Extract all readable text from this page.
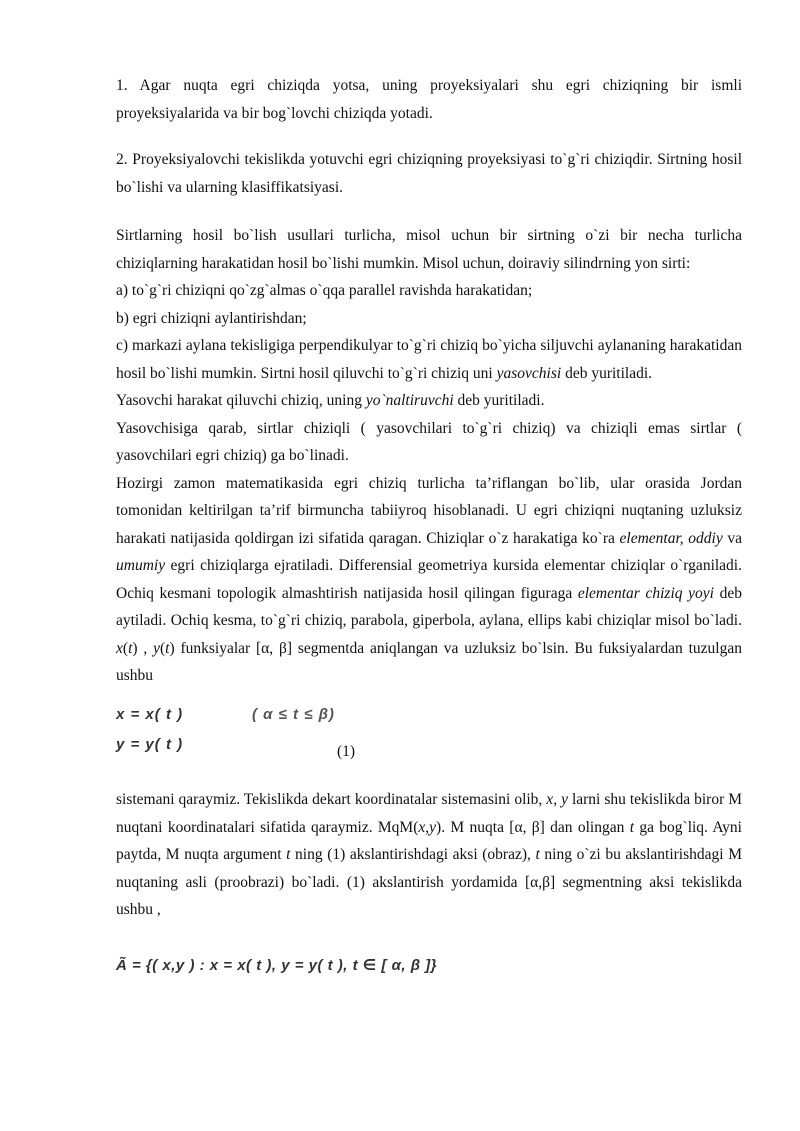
1. Agar nuqta egri chiziqda yotsa, uning proyeksiyalari shu egri chiziqning bir ismli proyeksiyalarida va bir bog`lovchi chiziqda yotadi.

2. Proyeksiyalovchi tekislikda yotuvchi egri chiziqning proyeksiyasi to`g`ri chiziqdir. Sirtning hosil bo`lishi va ularning klasiffikatsiyasi.

Sirtlarning hosil bo`lish usullari turlicha, misol uchun bir sirtning o`zi bir necha turlicha chiziqlarning harakatidan hosil bo`lishi mumkin. Misol uchun, doiraviy silindrning yon sirti:

a) to`g`ri chiziqni qo`zg`almas o`qqa parallel ravishda harakatidan;

b) egri chiziqni aylantirishdan;

c) markazi aylana tekisligiga perpendikulyar to`g`ri chiziq bo`yicha siljuvchi aylananing harakatidan hosil bo`lishi mumkin. Sirtni hosil qiluvchi to`g`ri chiziq uni yasovchisi deb yuritiladi.

Yasovchi harakat qiluvchi chiziq, uning yo`naltiruvchi deb yuritiladi.

Yasovchisiga qarab, sirtlar chiziqli ( yasovchilari to`g`ri chiziq) va chiziqli emas sirtlar ( yasovchilari egri chiziq) ga bo`linadi.

Hozirgi zamon matematikasida egri chiziq turlicha ta’riflangan bo`lib, ular orasida Jordan tomonidan keltirilgan ta’rif birmuncha tabiiyroq hisoblanadi. U egri chiziqni nuqtaning uzluksiz harakati natijasida qoldirgan izi sifatida qaragan. Chiziqlar o`z harakatiga ko`ra elementar, oddiy va umumiy egri chiziqlarga ejratiladi. Differensial geometriya kursida elementar chiziqlar o`rganiladi. Ochiq kesmani topologik almashtirish natijasida hosil qilingan figuraga elementar chiziq yoyi deb aytiladi. Ochiq kesma, to`g`ri chiziq, parabola, giperbola, aylana, ellips kabi chiziqlar misol bo`ladi. x(t) , y(t) funksiyalar [α, β] segmentda aniqlangan va uzluksiz bo`lsin. Bu fuksiyalardan tuzulgan ushbu

x = x( t )
y = y( t )
( α ≤ t ≤ β)
(1)

sistemani qaraymiz. Tekislikda dekart koordinatalar sistemasini olib, x, y larni shu tekislikda biror M nuqtani koordinatalari sifatida qaraymiz. MqM(x,y). M nuqta [α, β] dan olingan t ga bog`liq. Ayni paytda, M nuqta argument t ning (1) akslantirishdagi aksi (obraz), t ning o`zi bu akslantirishdagi M nuqtaning asli (proobrazi) bo`ladi. (1) akslantirish yordamida [α,β] segmentning aksi tekislikda ushbu ,

Ã = {( x,y ) : x = x( t ), y = y( t ), t ∈ [ α, β ]}
